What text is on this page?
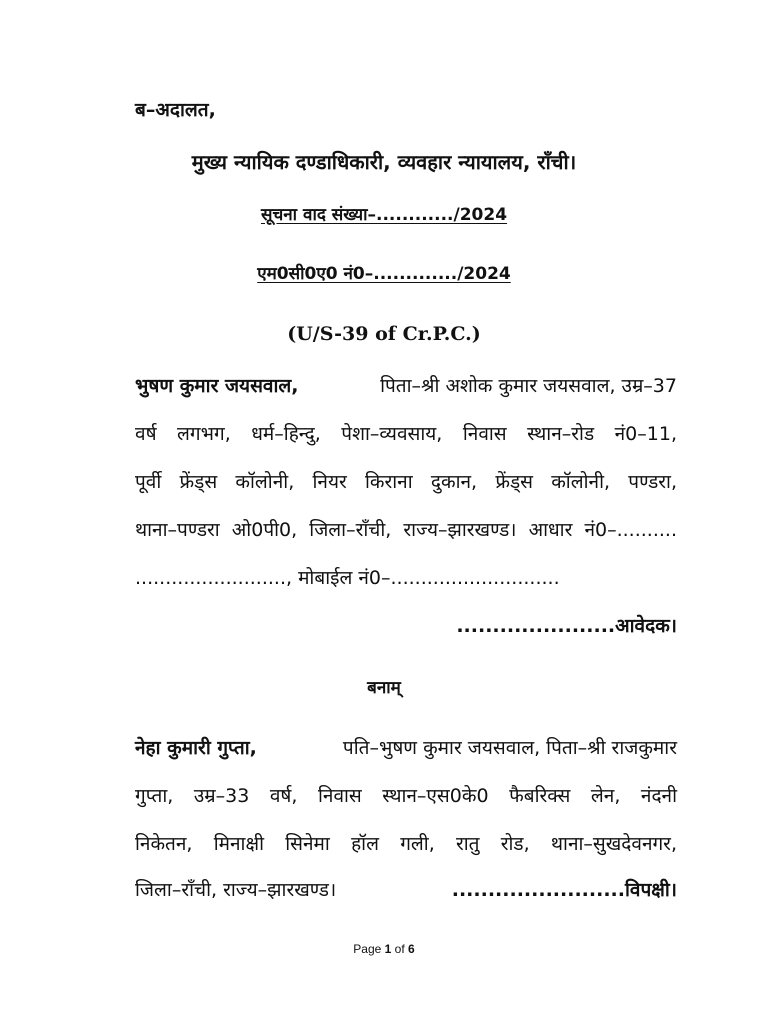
ब–अदालत,
मुख्य न्यायिक दण्डाधिकारी, व्यवहार न्यायालय, राँची।
सूचना वाद संख्या–............/2024
एम0सी0ए0 नं0–............./2024
(U/S-39 of Cr.P.C.)
भुषण कुमार जयसवाल,	पिता–श्री अशोक कुमार जयसवाल, उम्र–37
वर्ष लगभग, धर्म–हिन्दु, पेशा–व्यवसाय, निवास स्थान–रोड नं0–11,
पूर्वी फ्रेंड्स कॉलोनी, नियर किराना दुकान, फ्रेंड्स कॉलोनी, पण्डरा,
थाना–पण्डरा ओ0पी0, जिला–राँची, राज्य–झारखण्ड। आधार नं0–..........
........................., मोबाईल नं0–............................
......................आवेदक।
बनाम्
नेहा कुमारी गुप्ता,	पति–भुषण कुमार जयसवाल, पिता–श्री राजकुमार
गुप्ता, उम्र–33 वर्ष, निवास स्थान–एस0के0 फैबरिक्स लेन, नंदनी
निकेतन, मिनाक्षी सिनेमा हॉल गली, रातु रोड, थाना–सुखदेवनगर,
जिला–राँची, राज्य–झारखण्ड।	........................विपक्षी।
Page 1 of 6
